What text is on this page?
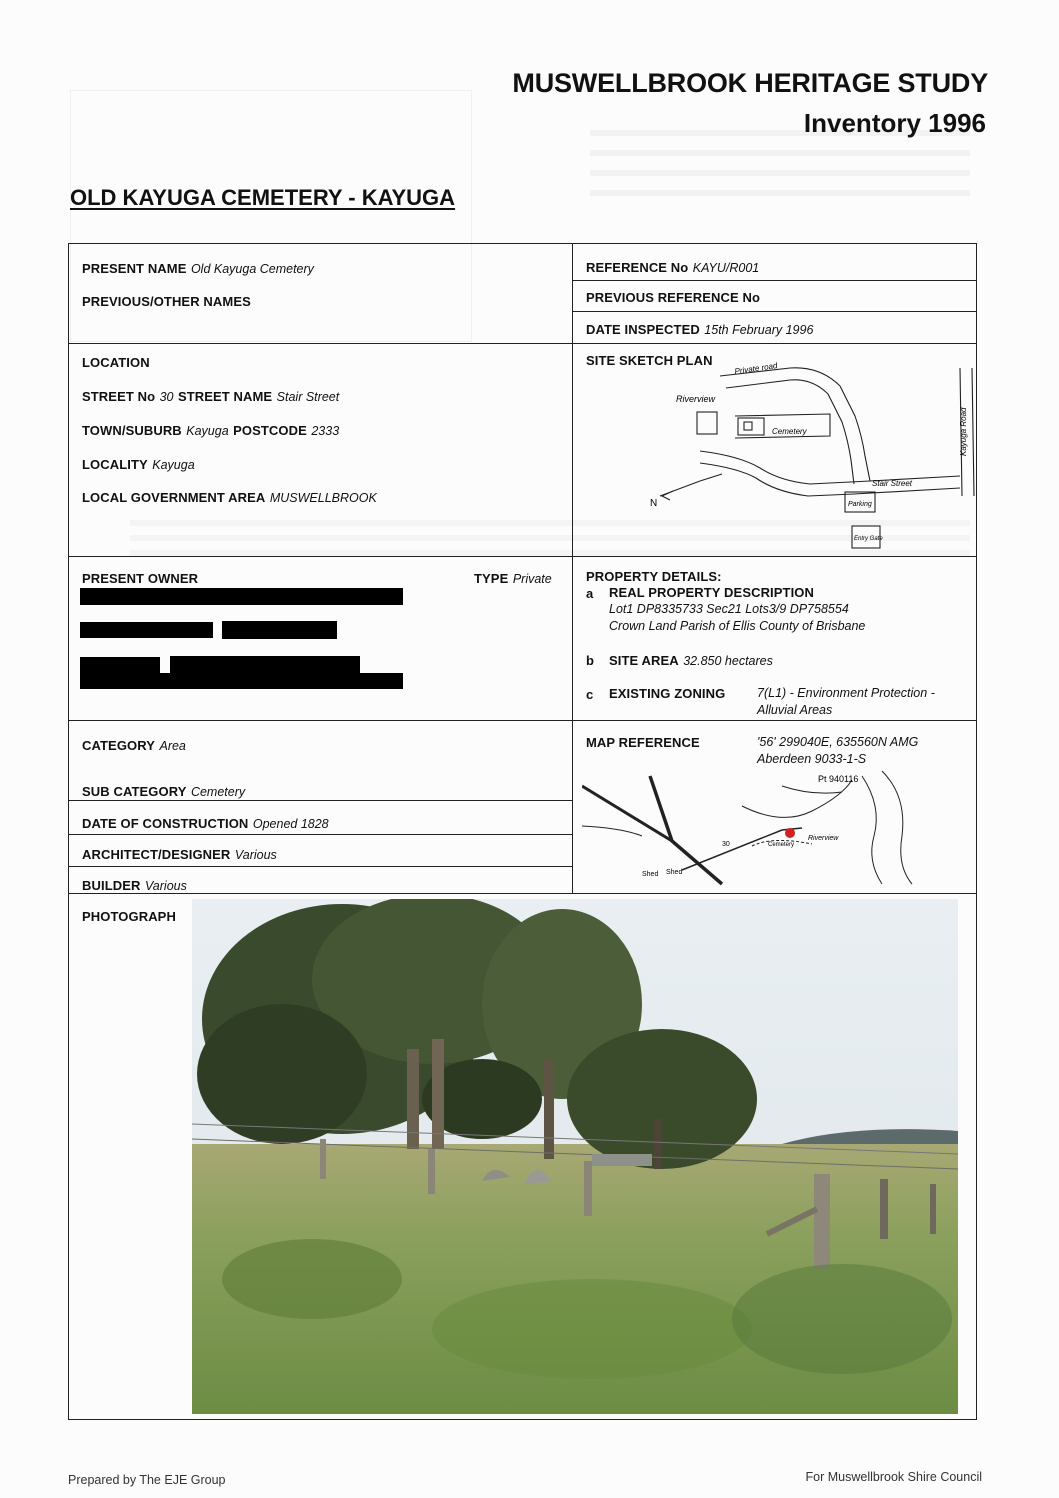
MUSWELLBROOK HERITAGE STUDY
Inventory 1996
OLD KAYUGA CEMETERY - KAYUGA
PRESENT NAME Old Kayuga Cemetery
PREVIOUS/OTHER NAMES
REFERENCE No KAYU/R001
PREVIOUS REFERENCE No
DATE INSPECTED 15th February 1996
LOCATION
STREET No 30 STREET NAME Stair Street
TOWN/SUBURB Kayuga POSTCODE 2333
LOCALITY Kayuga
LOCAL GOVERNMENT AREA MUSWELLBROOK
SITE SKETCH PLAN
Private road
Riverview
Cemetery	Kayuga Road
Stair Street
N	Parking
Entry Gate
PRESENT OWNER	TYPE Private	PROPERTY DETAILS:
a REAL PROPERTY DESCRIPTION
Lot1 DP8335733 Sec21 Lots3/9 DP758554
Crown Land Parish of Ellis County of Brisbane
b SITE AREA 32.850 hectares
c EXISTING ZONING	7(L1) - Environment Protection -
Alluvial Areas
CATEGORY Area
SUB CATEGORY Cemetery
DATE OF CONSTRUCTION Opened 1828
ARCHITECT/DESIGNER Various
BUILDER Various
MAP REFERENCE	'56' 299040E, 635560N AMG
Aberdeen 9033-1-S
Pt 940116
Riverview
Cemetery
30
Shed Shed
PHOTOGRAPH
Prepared by The EJE Group	For Muswellbrook Shire Council
